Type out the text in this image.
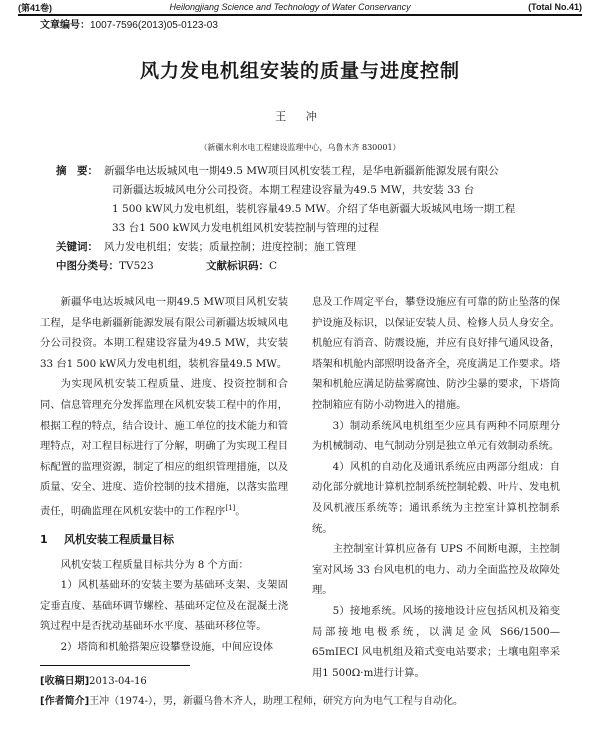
(第41卷)	Heilongjiang Science and Technology of Water Conservancy	(Total No.41)
文章编号：1007-7596(2013)05-0123-03
风力发电机组安装的质量与进度控制
王 冲
（新疆水利水电工程建设监理中心，乌鲁木齐 830001）
摘　要： 新疆华电达坂城风电一期49.5 MW项目风机安装工程，是华电新疆新能源发展有限公
司新疆达坂城风电分公司投资。本期工程建设容量为49.5 MW，共安装 33 台
1 500 kW风力发电机组，装机容量49.5 MW。介绍了华电新疆大坂城风电场一期工程
33 台1 500 kW风力发电机组风机安装控制与管理的过程
关键词： 风力发电机组；安装；质量控制；进度控制；施工管理
中图分类号：TV523	文献标识码：C

新疆华电达坂城风电一期49.5 MW项目风机安装工程，是华电新疆新能源发展有限公司新疆达坂城风电分公司投资。本期工程建设容量为49.5 MW，共安装 33 台1 500 kW风力发电机组，装机容量49.5 MW。

为实现风机安装工程质量、进度、投资控制和合同、信息管理充分发挥监理在风机安装工程中的作用，根据工程的特点，结合设计、施工单位的技术能力和管理特点，对工程目标进行了分解，明确了为实现工程目标配置的监理资源，制定了相应的组织管理措施，以及质量、安全、进度、造价控制的技术措施，以落实监理责任，明确监理在风机安装中的工作程序[1]。

1 风机安装工程质量目标

风机安装工程质量目标共分为 8 个方面：

1）风机基础环的安装主要为基础环支架、支架固定垂直度、基础环调节螺栓、基础环定位及在混凝土浇筑过程中是否扰动基础环水平度、基础环移位等。

2）塔筒和机舱搭架应设攀登设施，中间应设体

息及工作周定平台，攀登设施应有可靠的防止坠落的保护设施及标识，以保证安装人员、检修人员人身安全。机舱应有消音、防震设施，并应有良好排气通风设备，塔架和机舱内部照明设备齐全，亮度满足工作要求。塔架和机舱应满足防盐雾腐蚀、防沙尘暴的要求，下塔筒控制箱应有防小动物进入的措施。

3）制动系统风电机组至少应具有两种不同原理分为机械制动、电气制动分别是独立单元有效制动系统。

4）风机的自动化及通讯系统应由两部分组成：自动化部分就地计算机控制系统控制轮毂、叶片、发电机及风机液压系统等；通讯系统为主控室计算机控制系统。

主控制室计算机应备有 UPS 不间断电源，主控制室对风场 33 台风电机的电力、动力全面监控及故障处理。

5）接地系统。风场的接地设计应包括风机及箱变局部接地电极系统，以满足金风 S66/1500—65mIECI 风电机组及箱式变电站要求；土壤电阻率采用1 500Ω·m进行计算。

[收稿日期]2013-04-16
[作者简介]王冲（1974-），男，新疆乌鲁木齐人，助理工程师，研究方向为电气工程与自动化。
